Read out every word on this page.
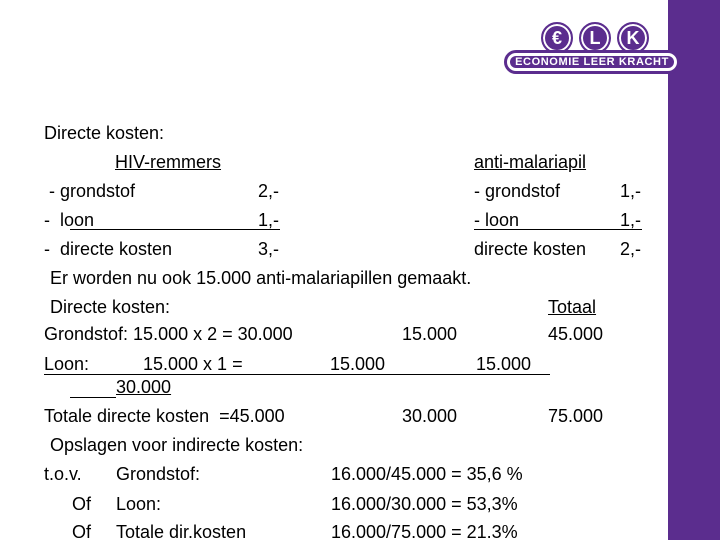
€	L	K
ECONOMIE LEER KRACHT
Directe kosten:
HIV-remmers	anti-malariapil
- grondstof	2,-	- grondstof	1,-
-  loon	1,-	- loon	1,-
-  directe kosten	3,-	directe kosten 2,-
Er worden nu ook 15.000 anti-malariapillen gemaakt.
Directe kosten:	Totaal
Grondstof: 15.000 x 2 = 30.000	15.000	45.000
Loon:	15.000 x 1 =	15.000	15.000
30.000
Totale directe kosten  =45.000	30.000	75.000
Opslagen voor indirecte kosten:
t.o.v. Grondstof:	16.000/45.000 = 35,6 %
Of Loon:	16.000/30.000 = 53,3%
Of Totale dir.kosten	16.000/75.000 = 21.3%
